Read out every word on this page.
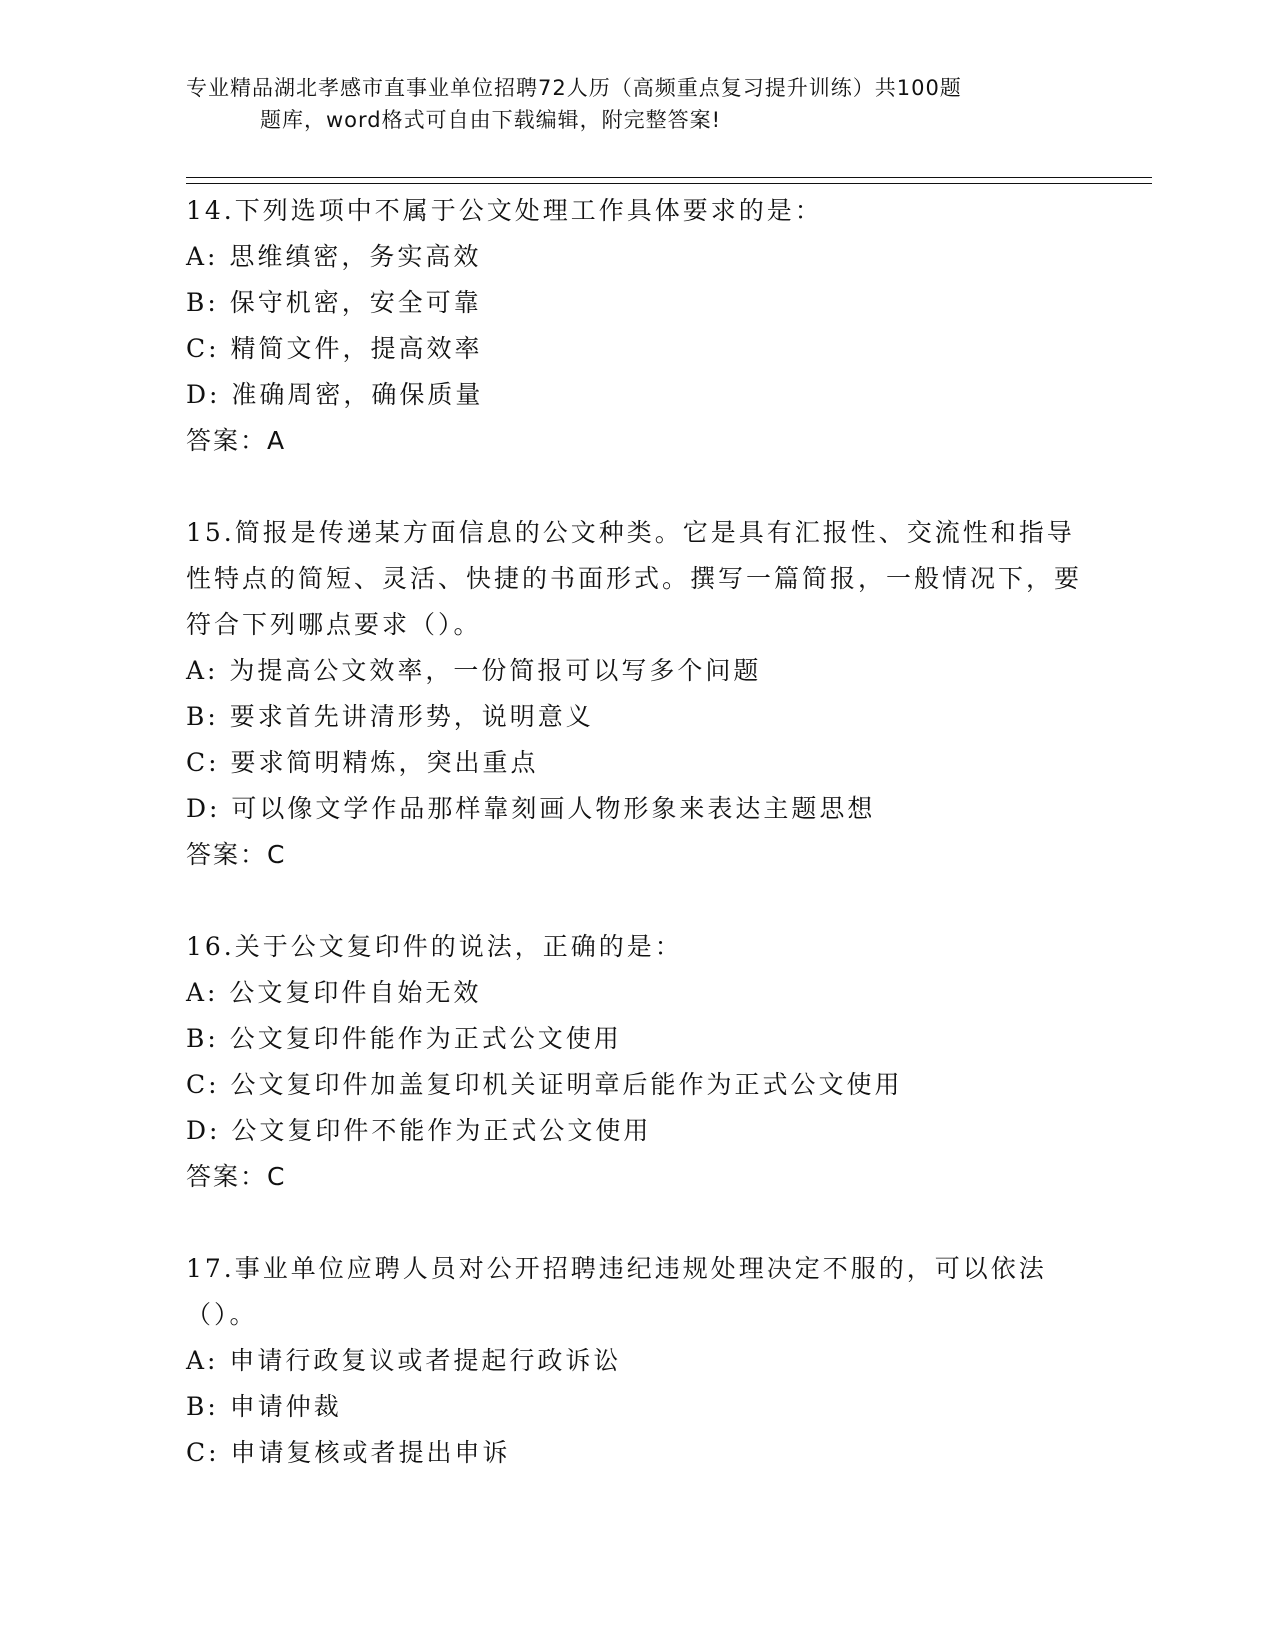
专业精品湖北孝感市直事业单位招聘72人历（高频重点复习提升训练）共100题
题库，word格式可自由下载编辑，附完整答案!
14.下列选项中不属于公文处理工作具体要求的是：
A: 思维缜密，务实高效
B: 保守机密，安全可靠
C: 精简文件，提高效率
D: 准确周密，确保质量
答案：A
15.简报是传递某方面信息的公文种类。它是具有汇报性、交流性和指导性特点的简短、灵活、快捷的书面形式。撰写一篇简报，一般情况下，要符合下列哪点要求（）。
A: 为提高公文效率，一份简报可以写多个问题
B: 要求首先讲清形势，说明意义
C: 要求简明精炼，突出重点
D: 可以像文学作品那样靠刻画人物形象来表达主题思想
答案：C
16.关于公文复印件的说法，正确的是：
A: 公文复印件自始无效
B: 公文复印件能作为正式公文使用
C: 公文复印件加盖复印机关证明章后能作为正式公文使用
D: 公文复印件不能作为正式公文使用
答案：C
17.事业单位应聘人员对公开招聘违纪违规处理决定不服的，可以依法（）。
A: 申请行政复议或者提起行政诉讼
B: 申请仲裁
C: 申请复核或者提出申诉
